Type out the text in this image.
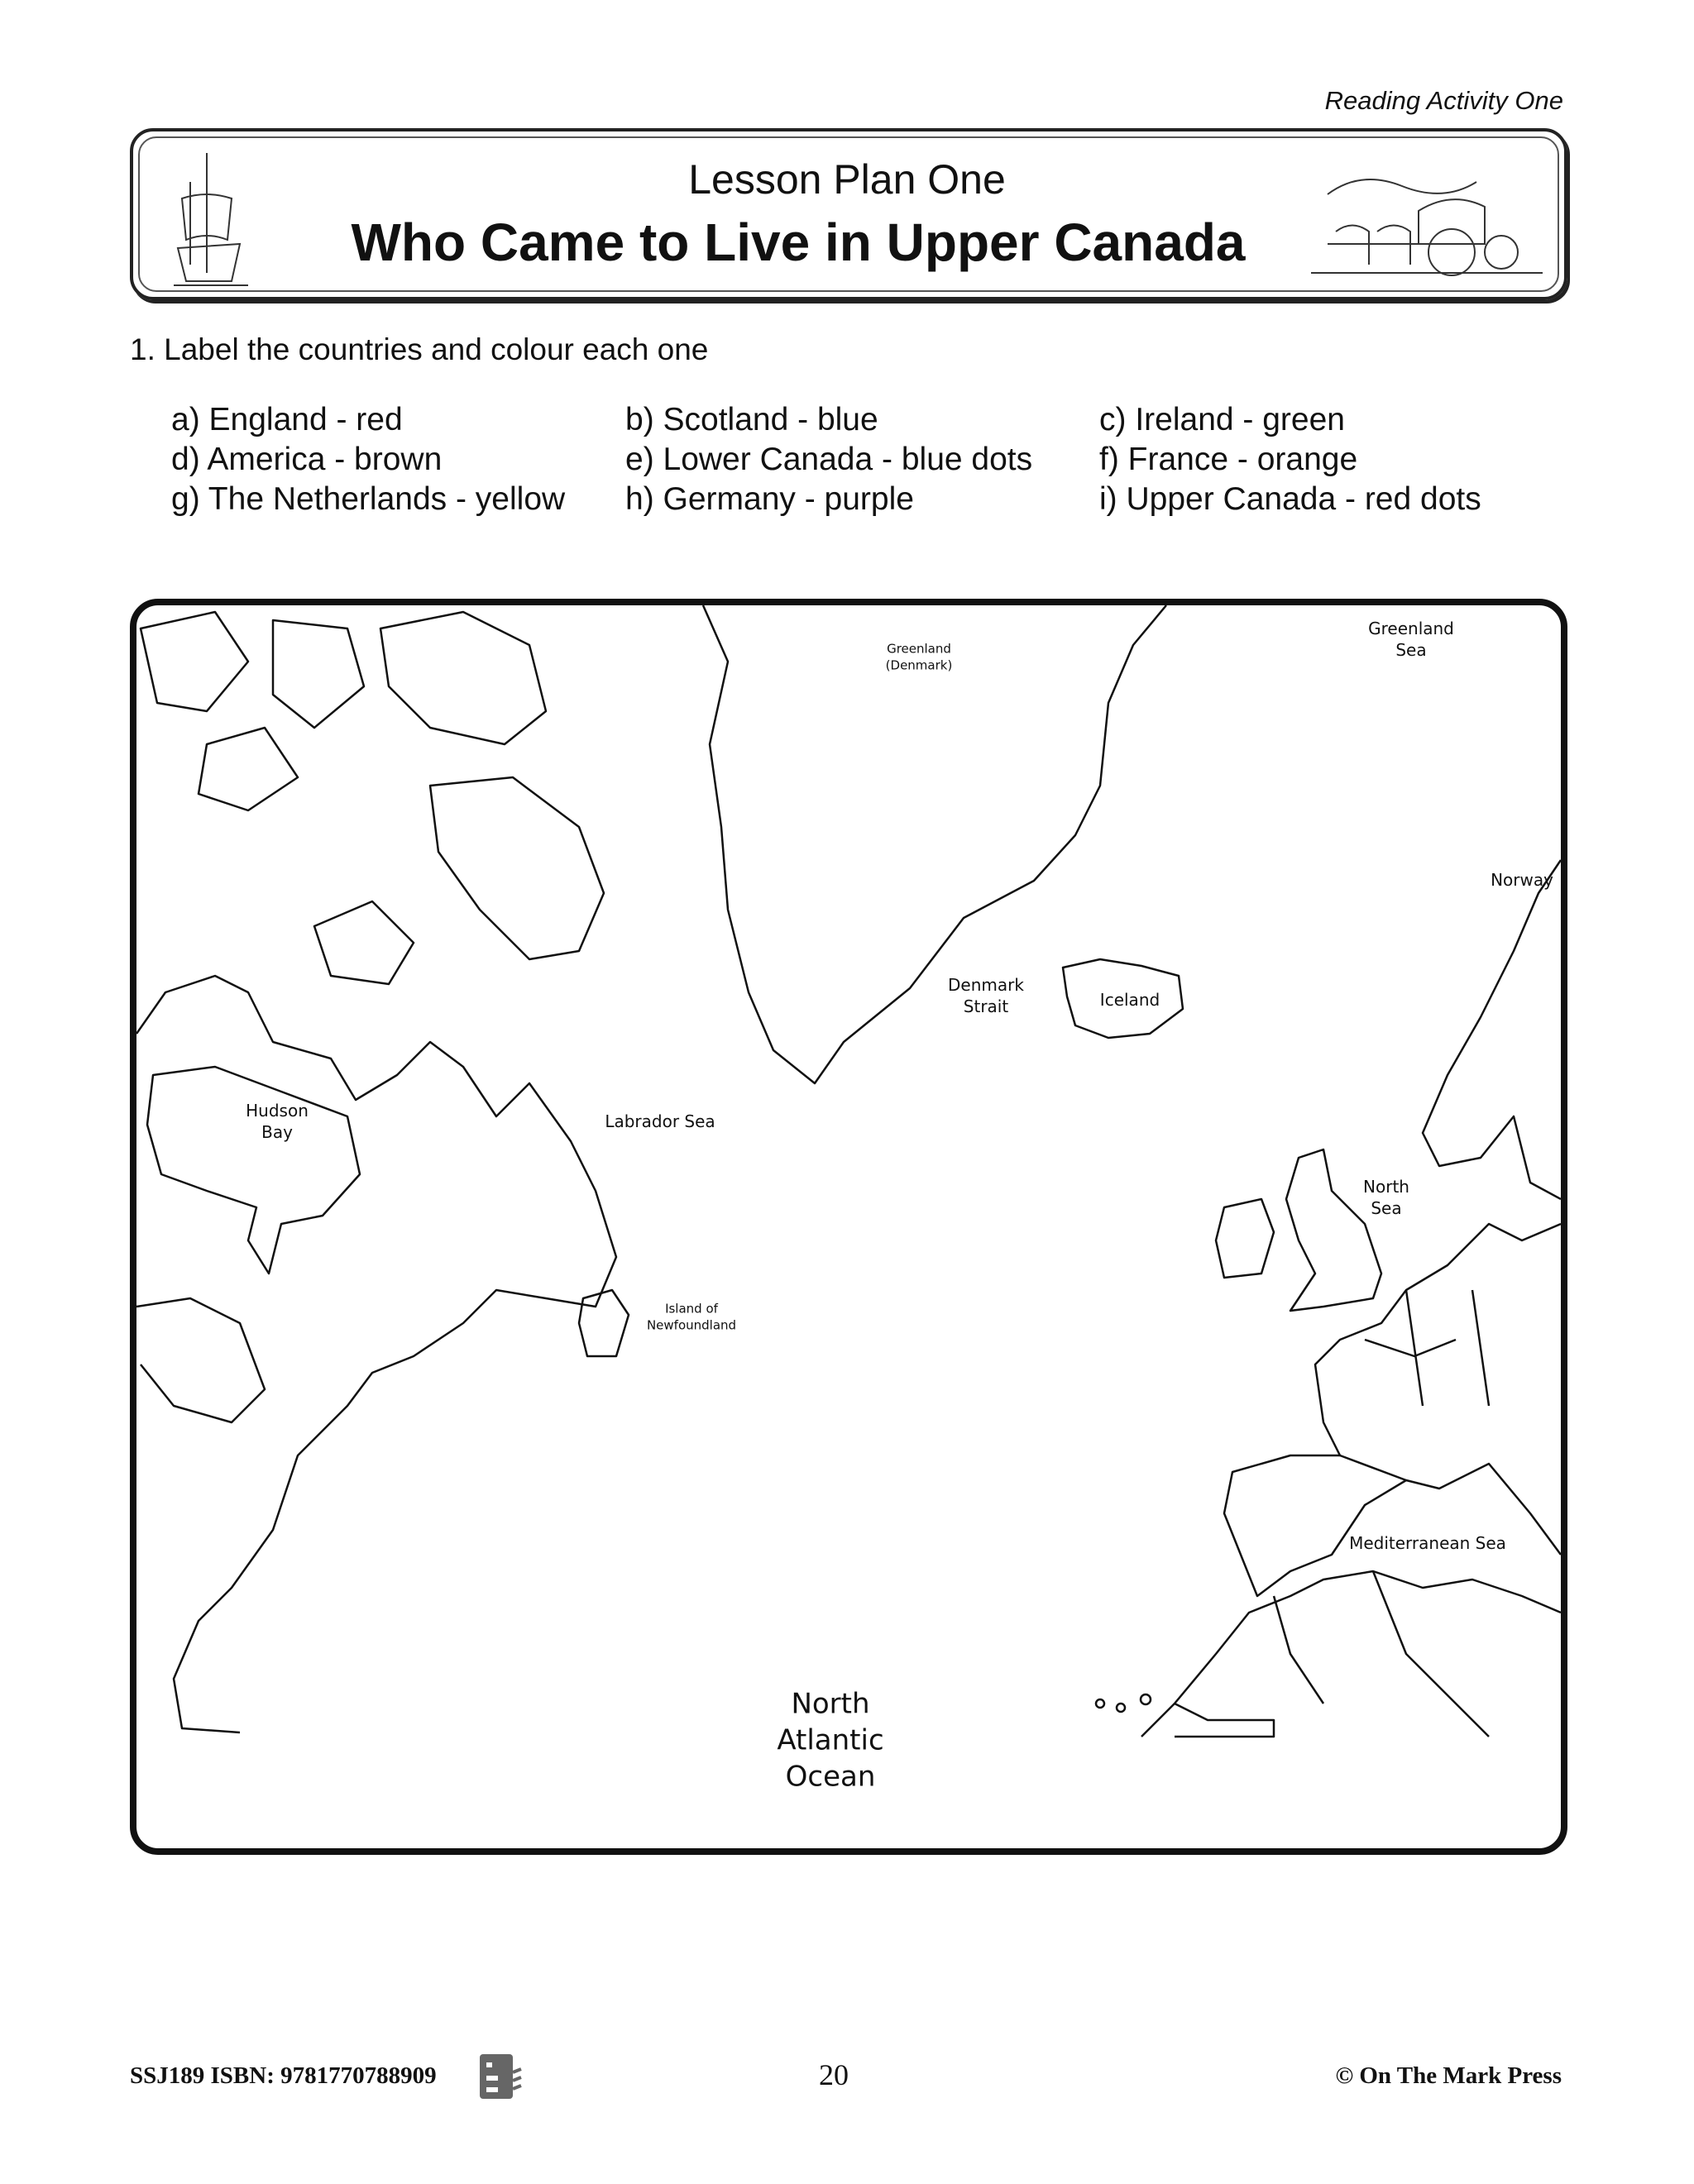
Reading Activity One
Lesson Plan One
Who Came to Live in Upper Canada
1. Label the countries and colour each one
a) England - red	b) Scotland - blue	c) Ireland - green
d) America - brown	e) Lower Canada - blue dots f) France - orange
g) The Netherlands - yellow h) Germany - purple	i) Upper Canada - red dots
Greenland
(Denmark)
Greenland
Sea
Norway
Denmark
Strait	Iceland
Hudson
Bay
Labrador Sea
North
Sea
Island of
Newfoundland
Mediterranean Sea
North
Atlantic
Ocean
SSJ189 ISBN: 9781770788909	20	© On The Mark Press
